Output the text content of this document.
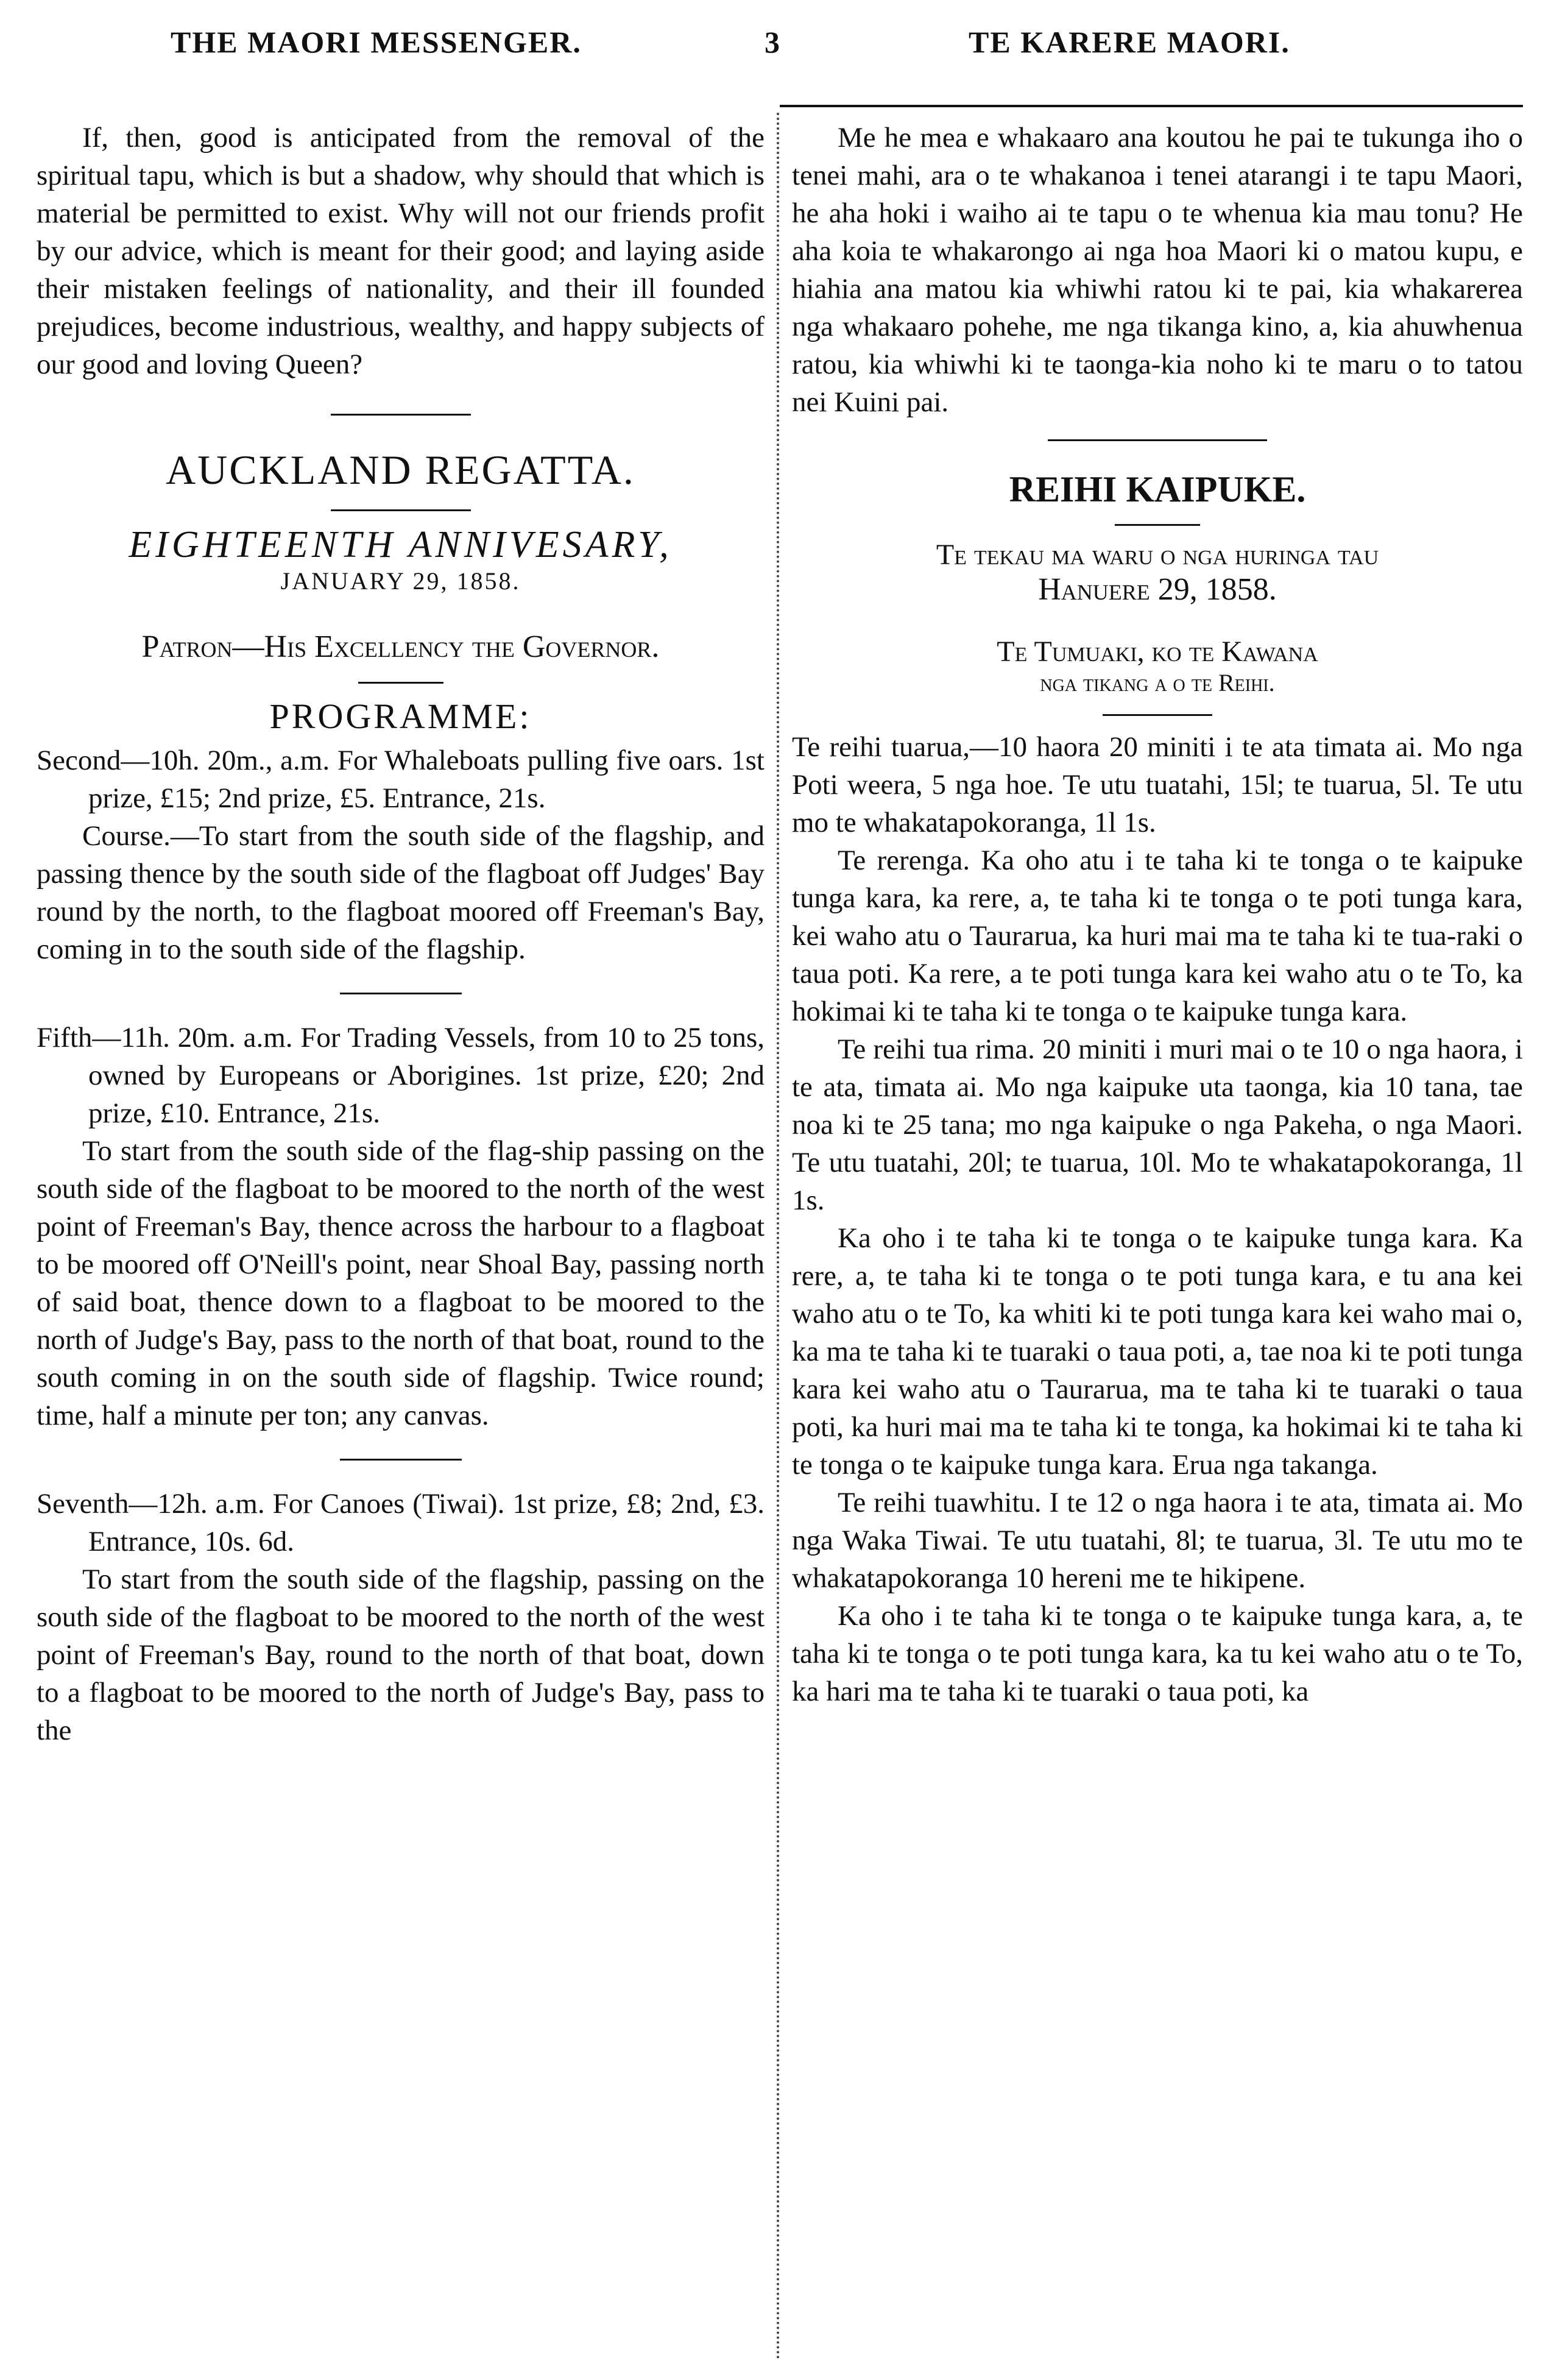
THE MAORI MESSENGER.	3	TE KARERE MAORI.

If, then, good is anticipated from the removal of the spiritual tapu, which is but a shadow, why should that which is material be permitted to exist. Why will not our friends profit by our advice, which is meant for their good; and laying aside their mistaken feelings of nationality, and their ill founded prejudices, become industrious, wealthy, and happy subjects of our good and loving Queen?

AUCKLAND REGATTA.

EIGHTEENTH ANNIVESARY,

JANUARY 29, 1858.

Patron—His Excellency the Governor.

PROGRAMME:

Second—10h. 20m., a.m. For Whaleboats pulling five oars. 1st prize, £15; 2nd prize, £5. Entrance, 21s.

Course.—To start from the south side of the flagship, and passing thence by the south side of the flagboat off Judges' Bay round by the north, to the flagboat moored off Freeman's Bay, coming in to the south side of the flagship.

Fifth—11h. 20m. a.m. For Trading Vessels, from 10 to 25 tons, owned by Europeans or Aborigines. 1st prize, £20; 2nd prize, £10. Entrance, 21s.

To start from the south side of the flag-ship passing on the south side of the flagboat to be moored to the north of the west point of Freeman's Bay, thence across the harbour to a flagboat to be moored off O'Neill's point, near Shoal Bay, passing north of said boat, thence down to a flagboat to be moored to the north of Judge's Bay, pass to the north of that boat, round to the south coming in on the south side of flagship. Twice round; time, half a minute per ton; any canvas.

Seventh—12h. a.m. For Canoes (Tiwai). 1st prize, £8; 2nd, £3. Entrance, 10s. 6d.

To start from the south side of the flagship, passing on the south side of the flagboat to be moored to the north of the west point of Freeman's Bay, round to the north of that boat, down to a flagboat to be moored to the north of Judge's Bay, pass to the

Me he mea e whakaaro ana koutou he pai te tukunga iho o tenei mahi, ara o te whakanoa i tenei atarangi i te tapu Maori, he aha hoki i waiho ai te tapu o te whenua kia mau tonu? He aha koia te whakarongo ai nga hoa Maori ki o matou kupu, e hiahia ana matou kia whiwhi ratou ki te pai, kia whakarerea nga whakaaro pohehe, me nga tikanga kino, a, kia ahuwhenua ratou, kia whiwhi ki te taonga-kia noho ki te maru o to tatou nei Kuini pai.

REIHI KAIPUKE.

Te tekau ma waru o nga huringa tau

Hanuere 29, 1858.

Te Tumuaki, ko te Kawana

nga tikang a o te Reihi.

Te reihi tuarua,—10 haora 20 miniti i te ata timata ai. Mo nga Poti weera, 5 nga hoe. Te utu tuatahi, 15l; te tuarua, 5l. Te utu mo te whakatapokoranga, 1l 1s.

Te rerenga. Ka oho atu i te taha ki te tonga o te kaipuke tunga kara, ka rere, a, te taha ki te tonga o te poti tunga kara, kei waho atu o Taurarua, ka huri mai ma te taha ki te tua-raki o taua poti. Ka rere, a te poti tunga kara kei waho atu o te To, ka hokimai ki te taha ki te tonga o te kaipuke tunga kara.

Te reihi tua rima. 20 miniti i muri mai o te 10 o nga haora, i te ata, timata ai. Mo nga kaipuke uta taonga, kia 10 tana, tae noa ki te 25 tana; mo nga kaipuke o nga Pakeha, o nga Maori. Te utu tuatahi, 20l; te tuarua, 10l. Mo te whakatapokoranga, 1l 1s.

Ka oho i te taha ki te tonga o te kaipuke tunga kara. Ka rere, a, te taha ki te tonga o te poti tunga kara, e tu ana kei waho atu o te To, ka whiti ki te poti tunga kara kei waho mai o, ka ma te taha ki te tuaraki o taua poti, a, tae noa ki te poti tunga kara kei waho atu o Taurarua, ma te taha ki te tuaraki o taua poti, ka huri mai ma te taha ki te tonga, ka hokimai ki te taha ki te tonga o te kaipuke tunga kara. Erua nga takanga.

Te reihi tuawhitu. I te 12 o nga haora i te ata, timata ai. Mo nga Waka Tiwai. Te utu tuatahi, 8l; te tuarua, 3l. Te utu mo te whakatapokoranga 10 hereni me te hikipene.

Ka oho i te taha ki te tonga o te kaipuke tunga kara, a, te taha ki te tonga o te poti tunga kara, ka tu kei waho atu o te To, ka hari ma te taha ki te tuaraki o taua poti, ka
